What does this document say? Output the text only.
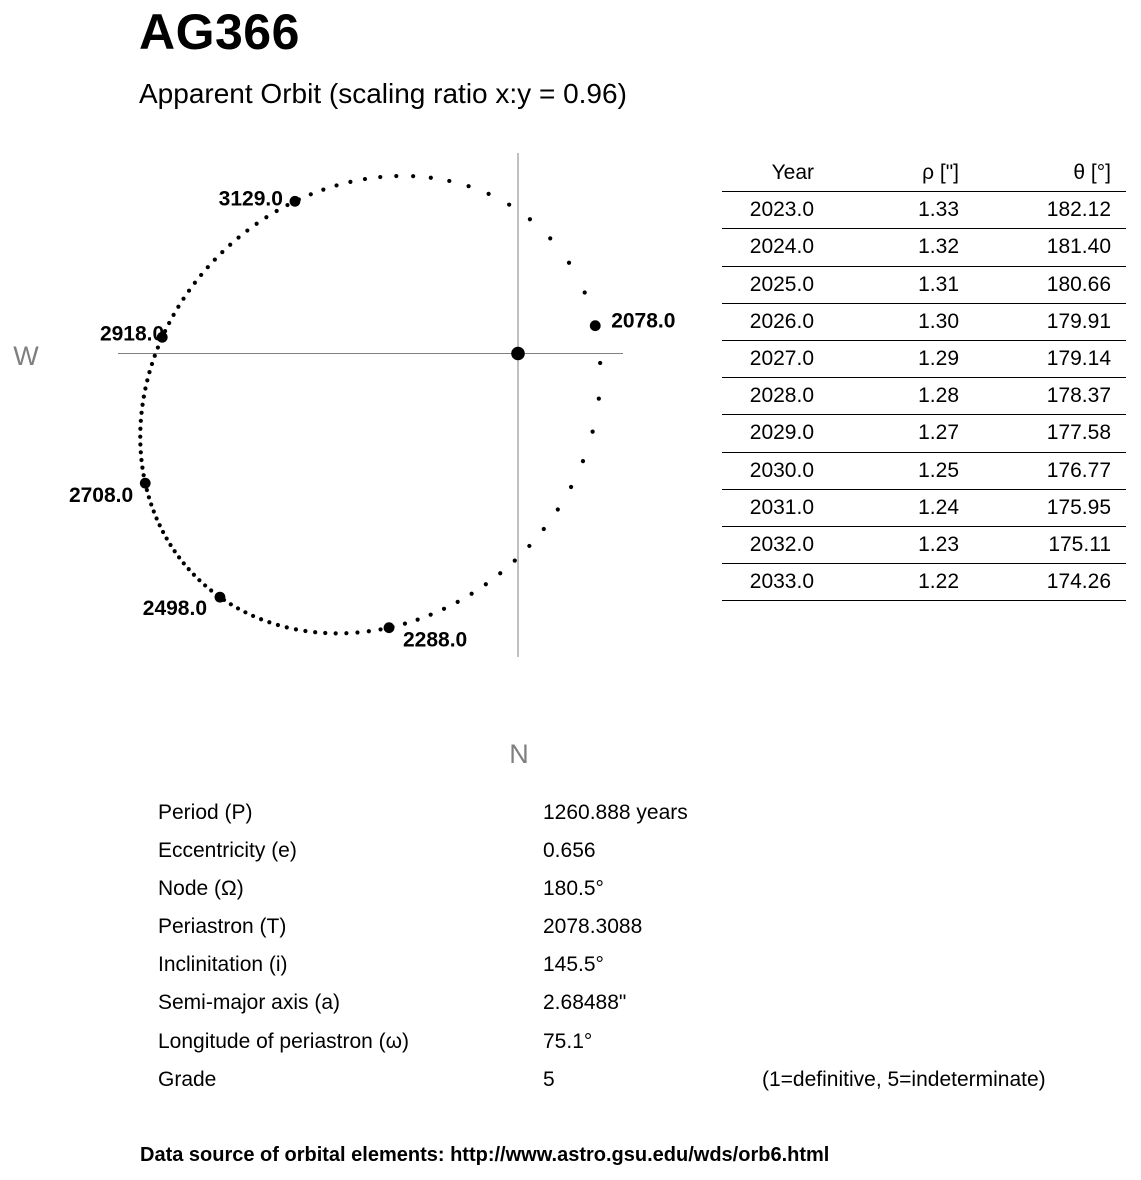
AG366
Apparent Orbit (scaling ratio x:y = 0.96)
W
N
2078.0
2288.0
2498.0
2708.0
2918.0
3129.0
Year	ρ ["]	θ [°]
2023.0	1.33	182.12
2024.0	1.32	181.40
2025.0	1.31	180.66
2026.0	1.30	179.91
2027.0	1.29	179.14
2028.0	1.28	178.37
2029.0	1.27	177.58
2030.0	1.25	176.77
2031.0	1.24	175.95
2032.0	1.23	175.11
2033.0	1.22	174.26
Period (P)	1260.888 years
Eccentricity (e)	0.656
Node (Ω)	180.5°
Periastron (T)	2078.3088
Inclinitation (i)	145.5°
Semi-major axis (a)	2.68488"
Longitude of periastron (ω)	75.1°
Grade	5	(1=definitive, 5=indeterminate)
Data source of orbital elements: http://www.astro.gsu.edu/wds/orb6.html
